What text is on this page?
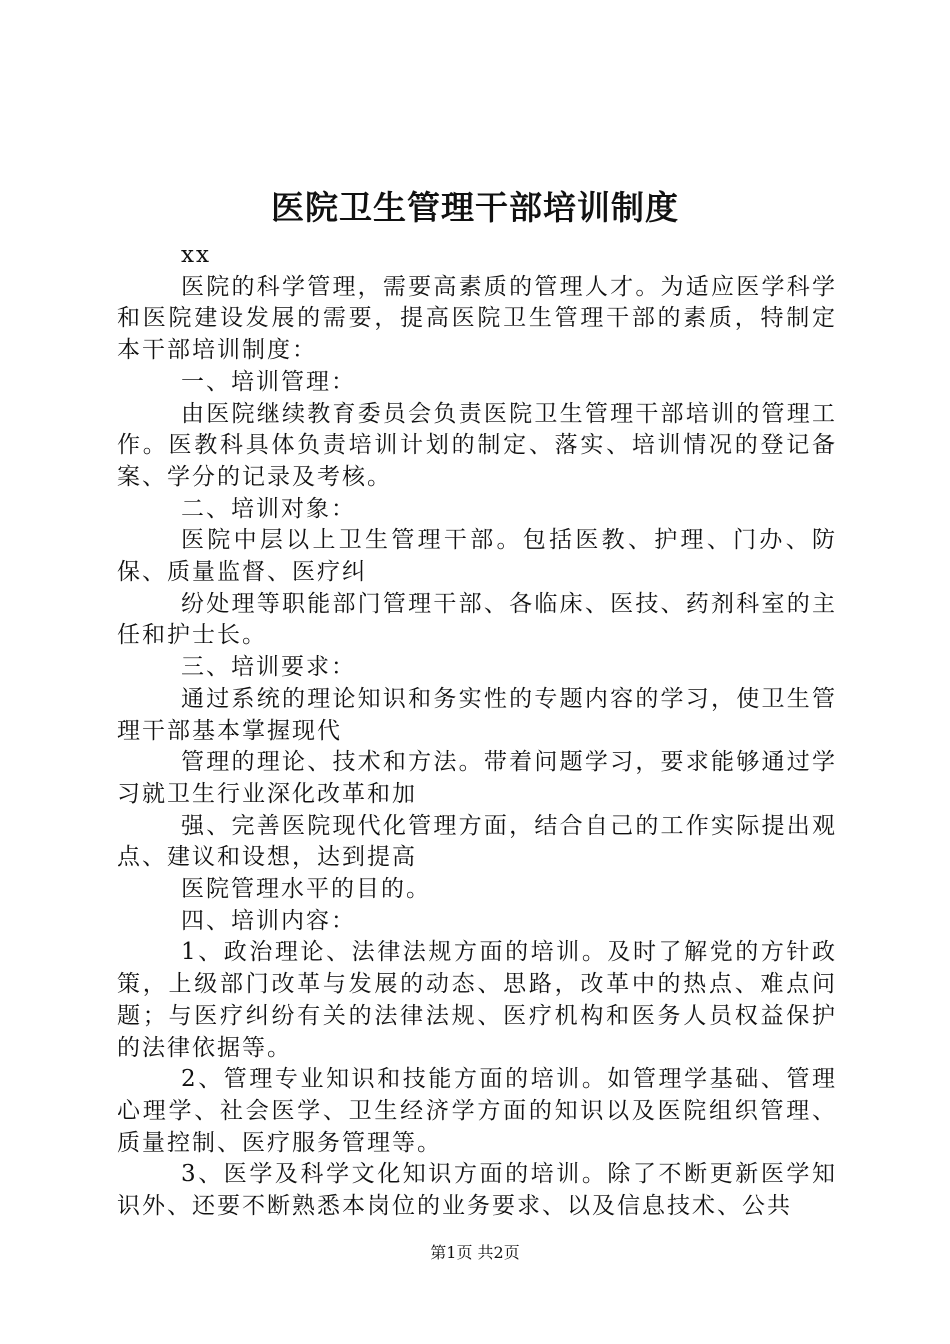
医院卫生管理干部培训制度

xx

医院的科学管理，需要高素质的管理人才。为适应医学科学和医院建设发展的需要，提高医院卫生管理干部的素质，特制定本干部培训制度：

一、培训管理：

由医院继续教育委员会负责医院卫生管理干部培训的管理工作。医教科具体负责培训计划的制定、落实、培训情况的登记备案、学分的记录及考核。

二、培训对象：

医院中层以上卫生管理干部。包括医教、护理、门办、防保、质量监督、医疗纠

纷处理等职能部门管理干部、各临床、医技、药剂科室的主任和护士长。

三、培训要求：

通过系统的理论知识和务实性的专题内容的学习，使卫生管理干部基本掌握现代

管理的理论、技术和方法。带着问题学习，要求能够通过学习就卫生行业深化改革和加

强、完善医院现代化管理方面，结合自己的工作实际提出观点、建议和设想，达到提高

医院管理水平的目的。

四、培训内容：

1、政治理论、法律法规方面的培训。及时了解党的方针政策，上级部门改革与发展的动态、思路，改革中的热点、难点问题；与医疗纠纷有关的法律法规、医疗机构和医务人员权益保护的法律依据等。

2、管理专业知识和技能方面的培训。如管理学基础、管理心理学、社会医学、卫生经济学方面的知识以及医院组织管理、质量控制、医疗服务管理等。

3、医学及科学文化知识方面的培训。除了不断更新医学知识外、还要不断熟悉本岗位的业务要求、以及信息技术、公共

第1页 共2页
